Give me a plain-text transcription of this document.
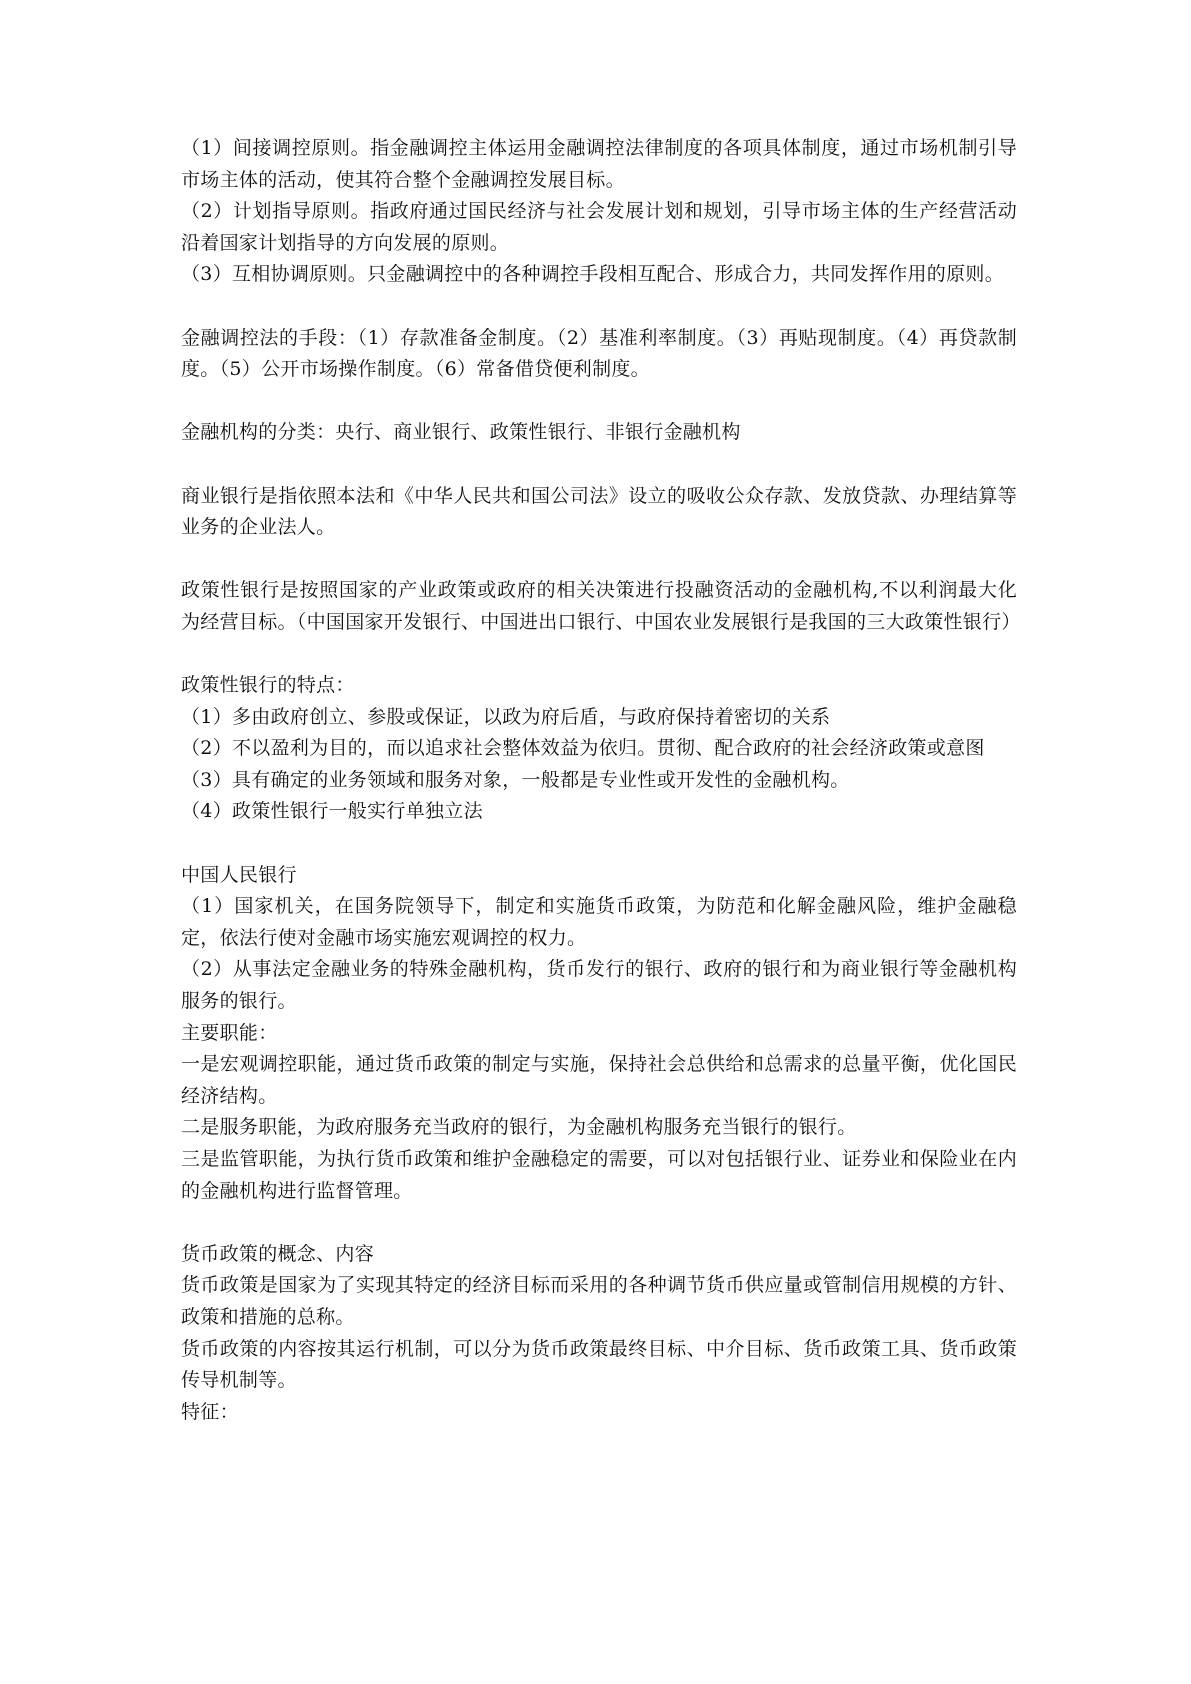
（1）间接调控原则。指金融调控主体运用金融调控法律制度的各项具体制度，通过市场机制引导市场主体的活动，使其符合整个金融调控发展目标。

（2）计划指导原则。指政府通过国民经济与社会发展计划和规划，引导市场主体的生产经营活动沿着国家计划指导的方向发展的原则。

（3）互相协调原则。只金融调控中的各种调控手段相互配合、形成合力，共同发挥作用的原则。

金融调控法的手段：（1）存款准备金制度。（2）基准利率制度。（3）再贴现制度。（4）再贷款制度。（5）公开市场操作制度。（6）常备借贷便利制度。

金融机构的分类：央行、商业银行、政策性银行、非银行金融机构

商业银行是指依照本法和《中华人民共和国公司法》设立的吸收公众存款、发放贷款、办理结算等业务的企业法人。

政策性银行是按照国家的产业政策或政府的相关决策进行投融资活动的金融机构,不以利润最大化为经营目标。（中国国家开发银行、中国进出口银行、中国农业发展银行是我国的三大政策性银行）

政策性银行的特点：

（1）多由政府创立、参股或保证，以政为府后盾，与政府保持着密切的关系

（2）不以盈利为目的，而以追求社会整体效益为依归。贯彻、配合政府的社会经济政策或意图

（3）具有确定的业务领域和服务对象，一般都是专业性或开发性的金融机构。

（4）政策性银行一般实行单独立法

中国人民银行

（1）国家机关，在国务院领导下，制定和实施货币政策，为防范和化解金融风险，维护金融稳定，依法行使对金融市场实施宏观调控的权力。

（2）从事法定金融业务的特殊金融机构，货币发行的银行、政府的银行和为商业银行等金融机构服务的银行。

主要职能：

一是宏观调控职能，通过货币政策的制定与实施，保持社会总供给和总需求的总量平衡，优化国民经济结构。

二是服务职能，为政府服务充当政府的银行，为金融机构服务充当银行的银行。

三是监管职能，为执行货币政策和维护金融稳定的需要，可以对包括银行业、证券业和保险业在内的金融机构进行监督管理。

货币政策的概念、内容

货币政策是国家为了实现其特定的经济目标而采用的各种调节货币供应量或管制信用规模的方针、政策和措施的总称。

货币政策的内容按其运行机制，可以分为货币政策最终目标、中介目标、货币政策工具、货币政策传导机制等。

特征：
